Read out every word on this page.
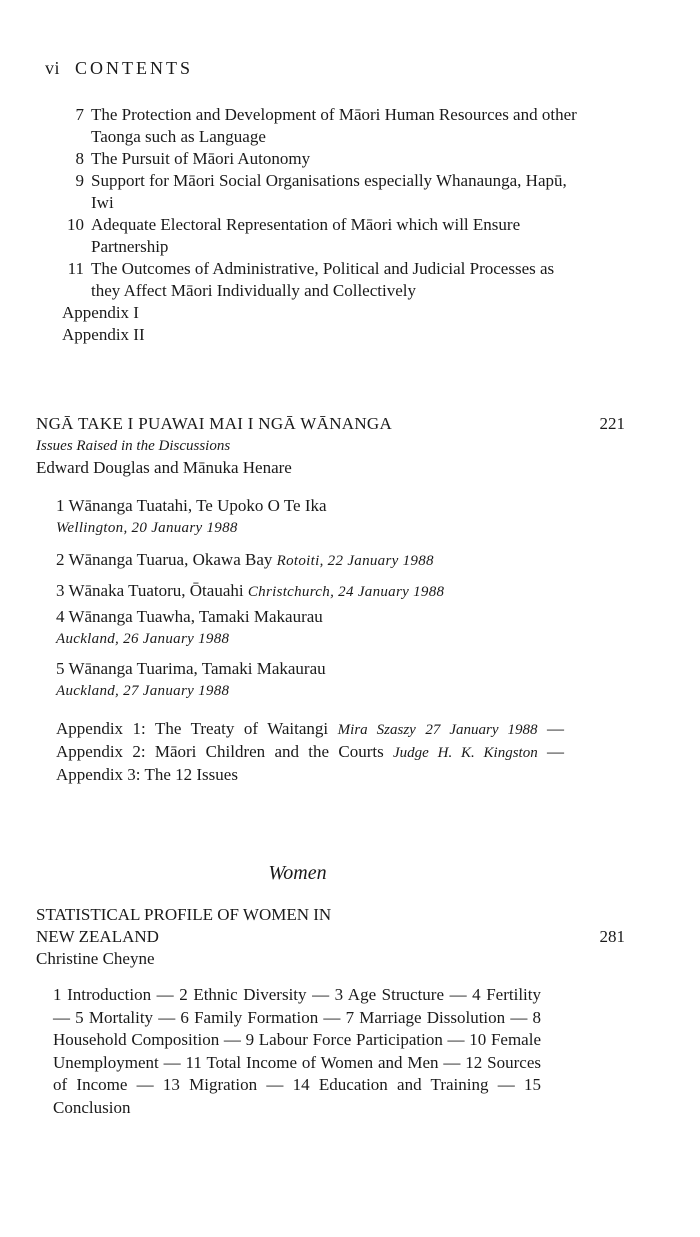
vi CONTENTS
7 The Protection and Development of Māori Human Resources and other Taonga such as Language
8 The Pursuit of Māori Autonomy
9 Support for Māori Social Organisations especially Whanaunga, Hapū, Iwi
10 Adequate Electoral Representation of Māori which will Ensure Partnership
11 The Outcomes of Administrative, Political and Judicial Processes as they Affect Māori Individually and Collectively
Appendix I
Appendix II
NGĀ TAKE I PUAWAI MAI I NGĀ WĀNANGA	221
Issues Raised in the Discussions
Edward Douglas and Mānuka Henare
1 Wānanga Tuatahi, Te Upoko O Te Ika
Wellington, 20 January 1988
2 Wānanga Tuarua, Okawa Bay Rotoiti, 22 January 1988
3 Wānaka Tuatoru, Ōtauahi Christchurch, 24 January 1988
4 Wānanga Tuawha, Tamaki Makaurau
Auckland, 26 January 1988
5 Wānanga Tuarima, Tamaki Makaurau
Auckland, 27 January 1988
Appendix 1: The Treaty of Waitangi Mira Szaszy 27 January 1988 — Appendix 2: Māori Children and the Courts Judge H. K. Kingston — Appendix 3: The 12 Issues
Women
STATISTICAL PROFILE OF WOMEN IN
NEW ZEALAND	281
Christine Cheyne
1 Introduction — 2 Ethnic Diversity — 3 Age Structure — 4 Fertility — 5 Mortality — 6 Family Formation — 7 Marriage Dissolution — 8 Household Composition — 9 Labour Force Participation — 10 Female Unemployment — 11 Total Income of Women and Men — 12 Sources of Income — 13 Migration — 14 Education and Training — 15 Conclusion
